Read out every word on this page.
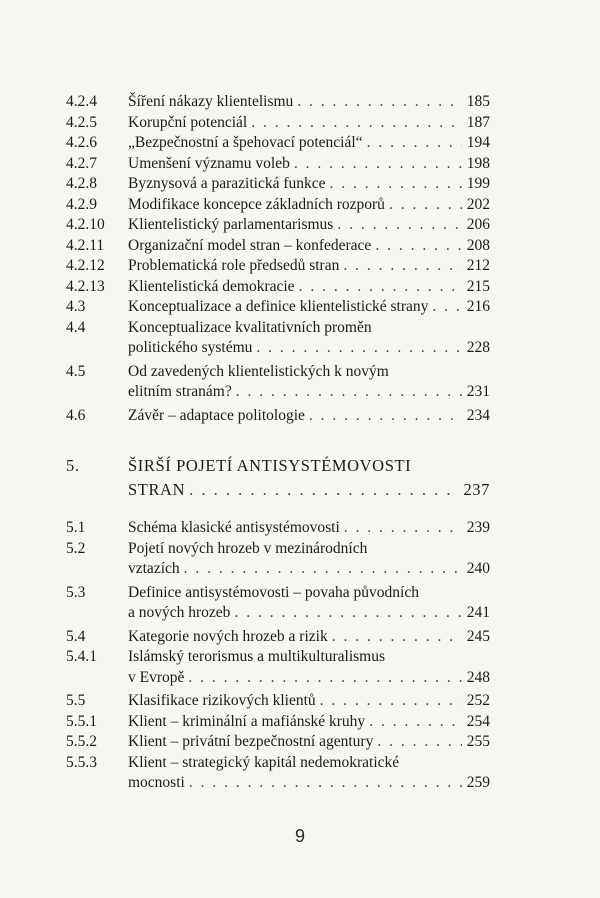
4.2.4	Šíření nákazy klientelismu . . .	185
4.2.5	Korupční potenciál . . .	187
4.2.6	„Bezpečnostní a špehovací potenciál“ . . .	194
4.2.7	Umenšení významu voleb . . .	198
4.2.8	Byznysová a parazitická funkce . . .	199
4.2.9	Modifikace koncepce základních rozporů . . .	202
4.2.10	Klientelistický parlamentarismus . . .	206
4.2.11	Organizační model stran – konfederace . . .	208
4.2.12	Problematická role předsedů stran . . .	212
4.2.13	Klientelistická demokracie . . .	215
4.3	Konceptualizace a definice klientelistické strany . . . 216
4.4	Konceptualizace kvalitativních proměn
politického systému . . .	228
4.5	Od zavedených klientelistických k novým
elitním stranám? . . .	231
4.6	Závěr – adaptace politologie . . .	234
5.	ŠIRŠÍ POJETÍ ANTISYSTÉMOVOSTI
STRAN . . .	237
5.1	Schéma klasické antisystémovosti . . .	239
5.2	Pojetí nových hrozeb v mezinárodních
vztazích . . .	240
5.3	Definice antisystémovosti – povaha původních
a nových hrozeb . . .	241
5.4	Kategorie nových hrozeb a rizik . . .	245
5.4.1	Islámský terorismus a multikulturalismus
v Evropě . . .	248
5.5	Klasifikace rizikových klientů . . .	252
5.5.1	Klient – kriminální a mafiánské kruhy . . .	254
5.5.2	Klient – privátní bezpečnostní agentury . . .	255
5.5.3	Klient – strategický kapitál nedemokratické
mocnosti . . .	259
9
